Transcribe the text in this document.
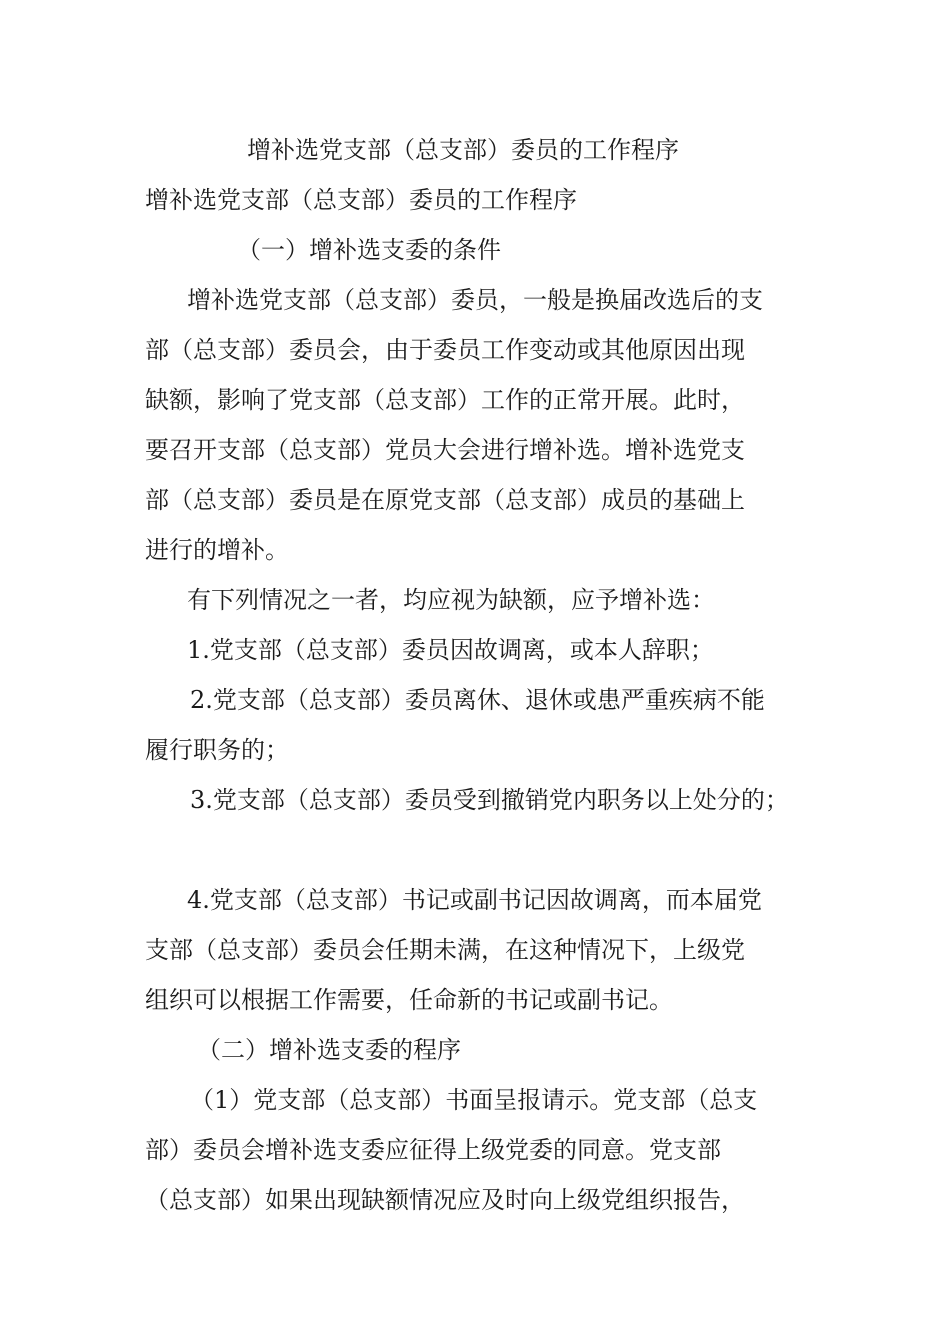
增补选党支部（总支部）委员的工作程序
增补选党支部（总支部）委员的工作程序
（一）增补选支委的条件
增补选党支部（总支部）委员，一般是换届改选后的支
部（总支部）委员会，由于委员工作变动或其他原因出现
缺额，影响了党支部（总支部）工作的正常开展。此时，
要召开支部（总支部）党员大会进行增补选。增补选党支
部（总支部）委员是在原党支部（总支部）成员的基础上
进行的增补。
有下列情况之一者，均应视为缺额，应予增补选：
1.党支部（总支部）委员因故调离，或本人辞职；
2.党支部（总支部）委员离休、退休或患严重疾病不能
履行职务的；
3.党支部（总支部）委员受到撤销党内职务以上处分的；
4.党支部（总支部）书记或副书记因故调离，而本届党
支部（总支部）委员会任期未满，在这种情况下，上级党
组织可以根据工作需要，任命新的书记或副书记。
（二）增补选支委的程序
（1）党支部（总支部）书面呈报请示。党支部（总支
部）委员会增补选支委应征得上级党委的同意。党支部
（总支部）如果出现缺额情况应及时向上级党组织报告，
